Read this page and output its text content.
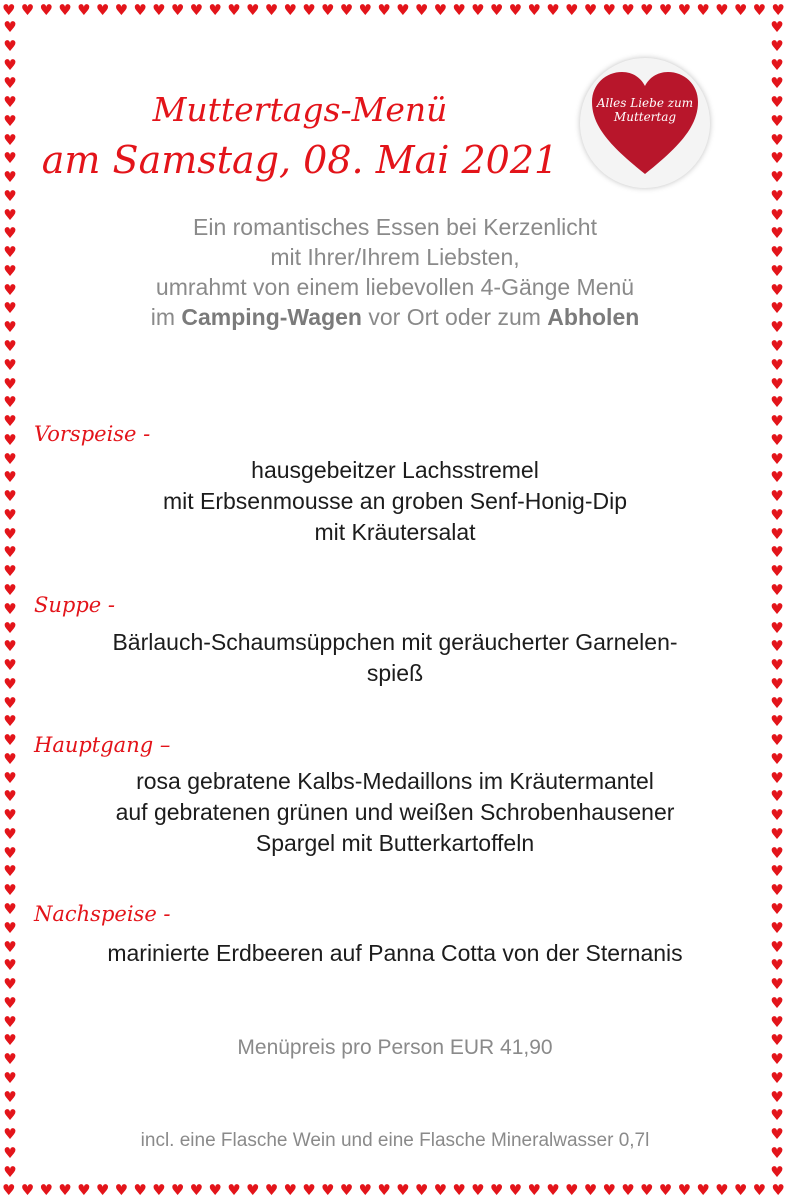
♥ ♥ ♥ ♥ ♥ ♥ ♥ ♥ ♥ ♥ ♥ ♥ ♥ ♥ ♥ ♥ ♥ ♥ ♥ ♥ ♥ ♥ ♥ ♥ ♥ ♥ ♥ ♥ ♥ ♥ ♥ ♥ ♥ ♥ ♥ ♥ ♥ ♥ ♥ ♥ ♥ ♥
♥ ♥ ♥ ♥ ♥ ♥ ♥ ♥ ♥ ♥ ♥ ♥ ♥ ♥ ♥ ♥ ♥ ♥ ♥ ♥ ♥ ♥ ♥ ♥ ♥ ♥ ♥ ♥ ♥ ♥ ♥ ♥ ♥ ♥ ♥ ♥ ♥ ♥ ♥ ♥ ♥ ♥
♥
♥
♥
♥
♥
♥
♥
♥
♥
♥
♥
♥
♥
♥
♥
♥
♥
♥
♥
♥
♥
♥
♥
♥
♥
♥
♥
♥
♥
♥
♥
♥
♥
♥
♥
♥
♥
♥
♥
♥
♥
♥
♥
♥
♥
♥
♥
♥
♥
♥
♥
♥
♥
♥
♥
♥
♥
♥
♥
♥
♥
♥
♥
♥
♥
♥
♥
♥
♥
♥
♥
♥
♥
♥
♥
♥
♥
♥
♥
♥
♥
♥
♥
♥
♥
♥
♥
♥
♥
♥
♥
♥
♥
♥
♥
♥
♥
♥
♥
♥
♥
♥
♥
♥
♥
♥
♥
♥
♥
♥
♥
♥
♥
♥
♥
♥
♥
♥
♥
♥
♥
♥
♥
♥
Muttertags-Menü
am Samstag, 08. Mai 2021
Alles Liebe zum
Muttertag
Ein romantisches Essen bei Kerzenlicht
mit Ihrer/Ihrem Liebsten,
umrahmt von einem liebevollen 4-Gänge Menü
im Camping-Wagen vor Ort oder zum Abholen
Vorspeise -
hausgebeitzer Lachsstremel
mit Erbsenmousse an groben Senf-Honig-Dip
mit Kräutersalat
Suppe -
Bärlauch-Schaumsüppchen mit geräucherter Garnelen-
spieß
Hauptgang –
rosa gebratene Kalbs-Medaillons im Kräutermantel
auf gebratenen grünen und weißen Schrobenhausener
Spargel mit Butterkartoffeln
Nachspeise -
marinierte Erdbeeren auf Panna Cotta von der Sternanis
Menüpreis pro Person EUR 41,90
incl. eine Flasche Wein und eine Flasche Mineralwasser 0,7l
